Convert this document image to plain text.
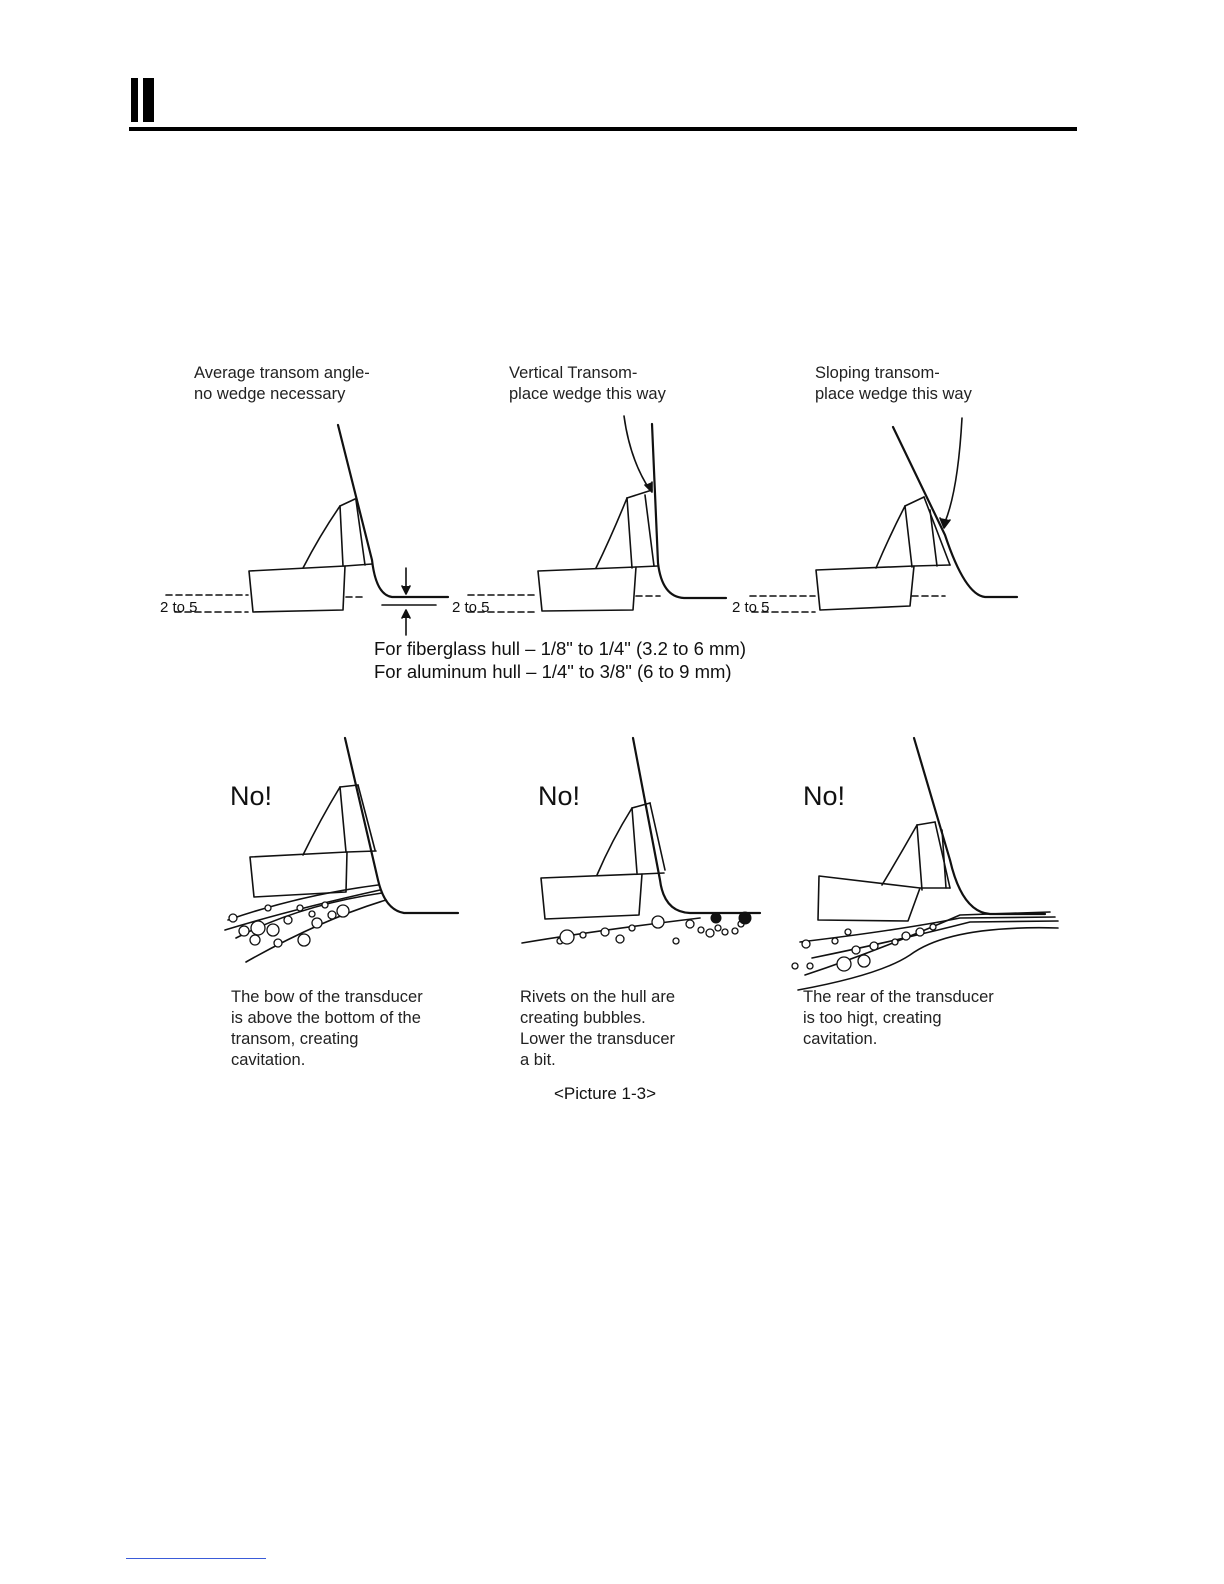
Average transom angle-
no wedge necessary
Vertical Transom-
place wedge this way
Sloping transom-
place wedge this way
2 to 5	2 to 5	2 to 5
For fiberglass hull – 1/8" to 1/4" (3.2 to 6 mm)
For aluminum hull – 1/4" to 3/8" (6 to 9 mm)
No!	No!	No!
The bow of the transducer
is above the bottom of the
transom, creating
cavitation.
Rivets on the hull are
creating bubbles.
Lower the transducer
a bit.
The rear of the transducer
is too higt, creating
cavitation.
<Picture 1-3>
